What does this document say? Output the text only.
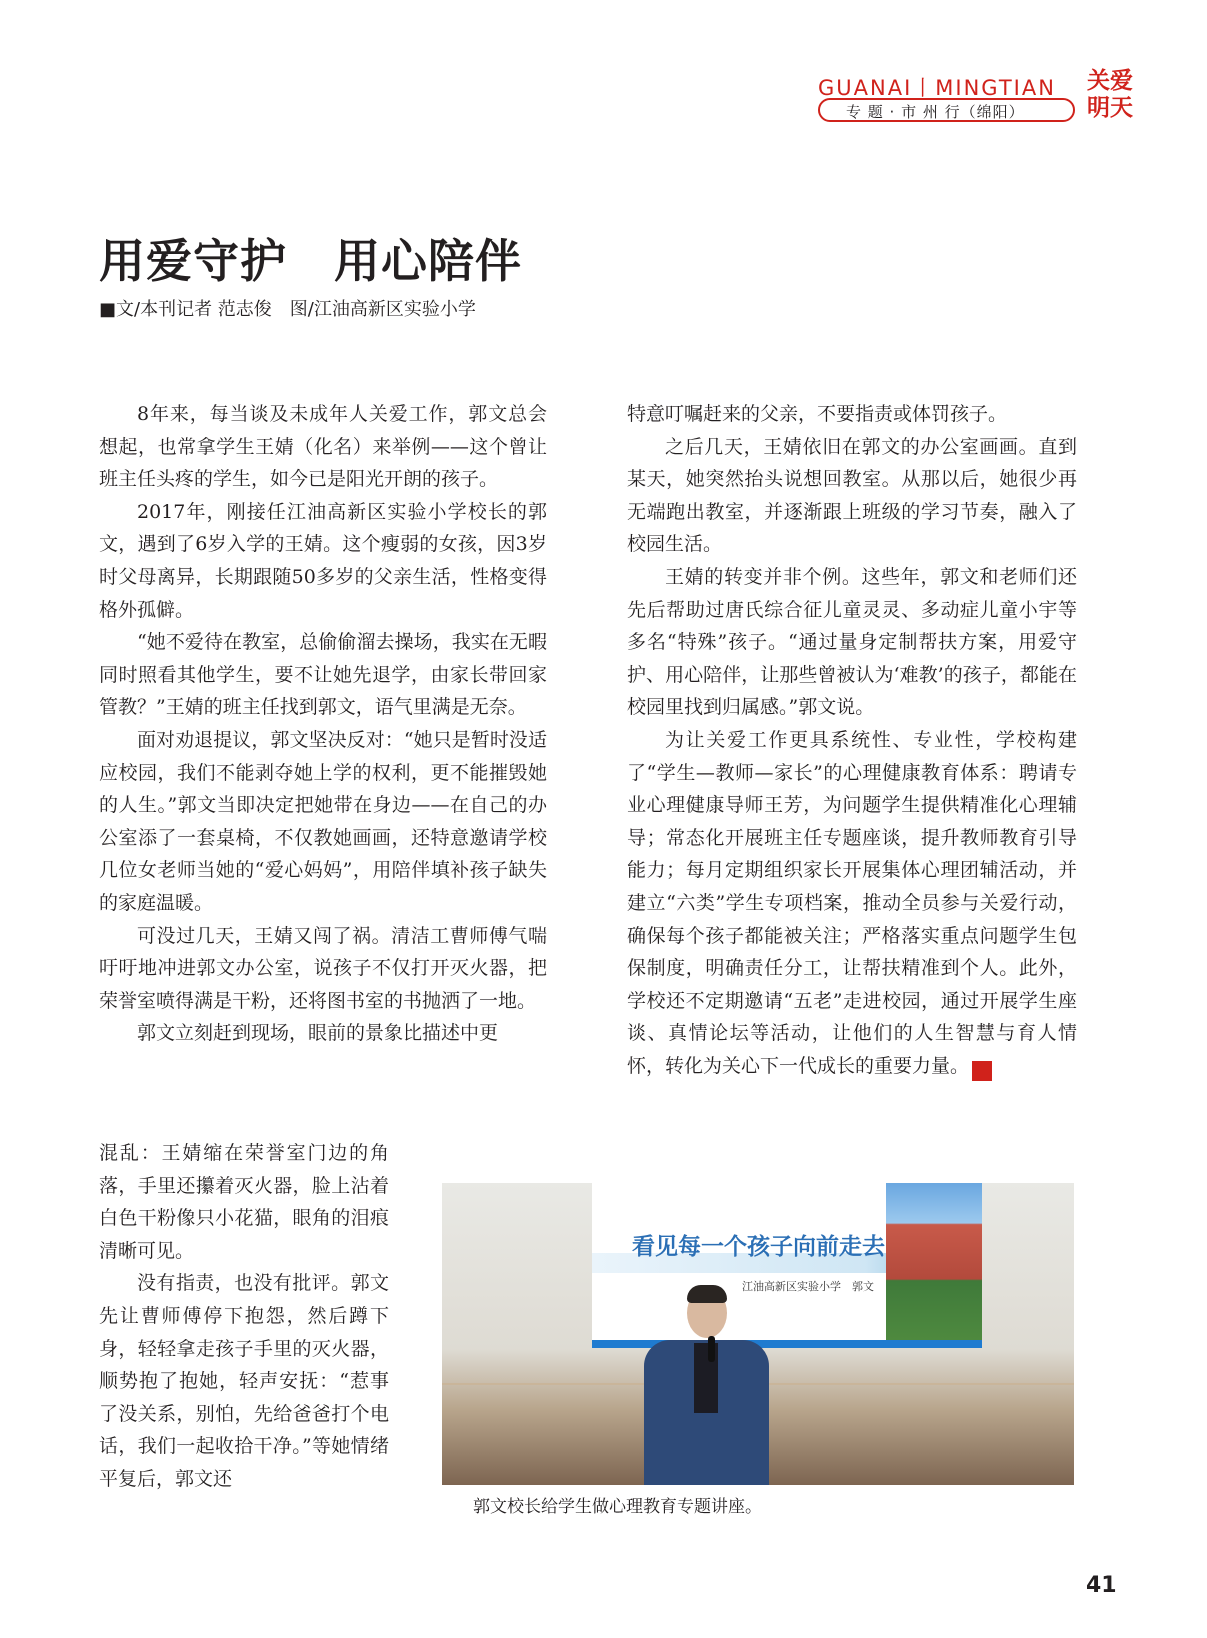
GUANAI丨MINGTIAN
专 题 · 市 州 行（绵阳）
关爱
明天
用爱守护　用心陪伴
■文/本刊记者 范志俊　图/江油高新区实验小学

8年来，每当谈及未成年人关爱工作，郭文总会想起，也常拿学生王婧（化名）来举例——这个曾让班主任头疼的学生，如今已是阳光开朗的孩子。

2017年，刚接任江油高新区实验小学校长的郭文，遇到了6岁入学的王婧。这个瘦弱的女孩，因3岁时父母离异，长期跟随50多岁的父亲生活，性格变得格外孤僻。

“她不爱待在教室，总偷偷溜去操场，我实在无暇同时照看其他学生，要不让她先退学，由家长带回家管教？”王婧的班主任找到郭文，语气里满是无奈。

面对劝退提议，郭文坚决反对：“她只是暂时没适应校园，我们不能剥夺她上学的权利，更不能摧毁她的人生。”郭文当即决定把她带在身边——在自己的办公室添了一套桌椅，不仅教她画画，还特意邀请学校几位女老师当她的“爱心妈妈”，用陪伴填补孩子缺失的家庭温暖。

可没过几天，王婧又闯了祸。清洁工曹师傅气喘吁吁地冲进郭文办公室，说孩子不仅打开灭火器，把荣誉室喷得满是干粉，还将图书室的书抛洒了一地。

郭文立刻赶到现场，眼前的景象比描述中更

混乱：王婧缩在荣誉室门边的角落，手里还攥着灭火器，脸上沾着白色干粉像只小花猫，眼角的泪痕清晰可见。

没有指责，也没有批评。郭文先让曹师傅停下抱怨，然后蹲下身，轻轻拿走孩子手里的灭火器，顺势抱了抱她，轻声安抚：“惹事了没关系，别怕，先给爸爸打个电话，我们一起收拾干净。”等她情绪平复后，郭文还

特意叮嘱赶来的父亲，不要指责或体罚孩子。

之后几天，王婧依旧在郭文的办公室画画。直到某天，她突然抬头说想回教室。从那以后，她很少再无端跑出教室，并逐渐跟上班级的学习节奏，融入了校园生活。

王婧的转变并非个例。这些年，郭文和老师们还先后帮助过唐氏综合征儿童灵灵、多动症儿童小宇等多名“特殊”孩子。“通过量身定制帮扶方案，用爱守护、用心陪伴，让那些曾被认为‘难教’的孩子，都能在校园里找到归属感。”郭文说。

为让关爱工作更具系统性、专业性，学校构建了“学生—教师—家长”的心理健康教育体系：聘请专业心理健康导师王芳，为问题学生提供精准化心理辅导；常态化开展班主任专题座谈，提升教师教育引导能力；每月定期组织家长开展集体心理团辅活动，并建立“六类”学生专项档案，推动全员参与关爱行动，确保每个孩子都能被关注；严格落实重点问题学生包保制度，明确责任分工，让帮扶精准到个人。此外，学校还不定期邀请“五老”走进校园，通过开展学生座谈、真情论坛等活动，让他们的人生智慧与育人情怀，转化为关心下一代成长的重要力量。	关

看见每一个孩子向前走去
江油高新区实验小学　郭文
郭文校长给学生做心理教育专题讲座。
41
